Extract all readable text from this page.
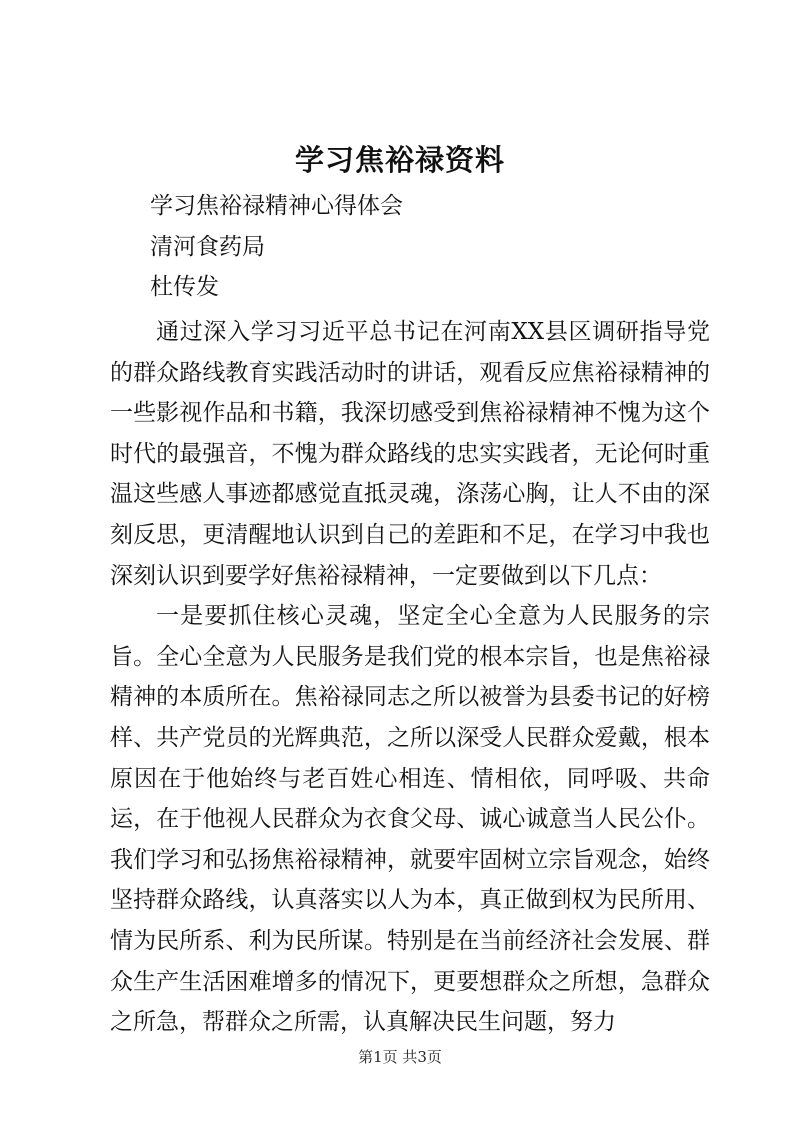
学习焦裕禄资料

学习焦裕禄精神心得体会

清河食药局

杜传发

通过深入学习习近平总书记在河南XX县区调研指导党的群众路线教育实践活动时的讲话，观看反应焦裕禄精神的一些影视作品和书籍，我深切感受到焦裕禄精神不愧为这个时代的最强音，不愧为群众路线的忠实实践者，无论何时重温这些感人事迹都感觉直抵灵魂，涤荡心胸，让人不由的深刻反思，更清醒地认识到自己的差距和不足，在学习中我也深刻认识到要学好焦裕禄精神，一定要做到以下几点：

一是要抓住核心灵魂，坚定全心全意为人民服务的宗旨。全心全意为人民服务是我们党的根本宗旨，也是焦裕禄精神的本质所在。焦裕禄同志之所以被誉为县委书记的好榜样、共产党员的光辉典范，之所以深受人民群众爱戴，根本原因在于他始终与老百姓心相连、情相依，同呼吸、共命运，在于他视人民群众为衣食父母、诚心诚意当人民公仆。我们学习和弘扬焦裕禄精神，就要牢固树立宗旨观念，始终坚持群众路线，认真落实以人为本，真正做到权为民所用、情为民所系、利为民所谋。特别是在当前经济社会发展、群众生产生活困难增多的情况下，更要想群众之所想，急群众之所急，帮群众之所需，认真解决民生问题，努力

第1页 共3页
